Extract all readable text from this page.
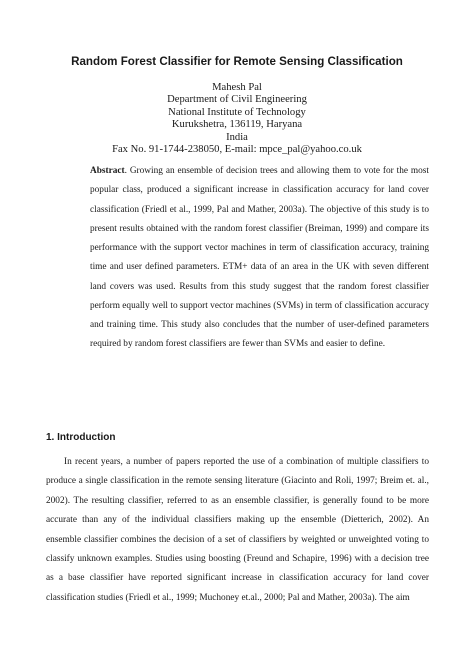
Random Forest Classifier for Remote Sensing Classification
Mahesh Pal
Department of Civil Engineering
National Institute of Technology
Kurukshetra, 136119, Haryana
India
Fax No. 91-1744-238050, E-mail: mpce_pal@yahoo.co.uk

Abstract. Growing an ensemble of decision trees and allowing them to vote for the most popular class, produced a significant increase in classification accuracy for land cover classification (Friedl et al., 1999, Pal and Mather, 2003a). The objective of this study is to present results obtained with the random forest classifier (Breiman, 1999) and compare its performance with the support vector machines in term of classification accuracy, training time and user defined parameters. ETM+ data of an area in the UK with seven different land covers was used. Results from this study suggest that the random forest classifier perform equally well to support vector machines (SVMs) in term of classification accuracy and training time. This study also concludes that the number of user-defined parameters required by random forest classifiers are fewer than SVMs and easier to define.

1. Introduction

In recent years, a number of papers reported the use of a combination of multiple classifiers to produce a single classification in the remote sensing literature (Giacinto and Roli, 1997; Breim et. al., 2002). The resulting classifier, referred to as an ensemble classifier, is generally found to be more accurate than any of the individual classifiers making up the ensemble (Dietterich, 2002). An ensemble classifier combines the decision of a set of classifiers by weighted or unweighted voting to classify unknown examples. Studies using boosting (Freund and Schapire, 1996) with a decision tree as a base classifier have reported significant increase in classification accuracy for land cover classification studies (Friedl et al., 1999; Muchoney et.al., 2000; Pal and Mather, 2003a). The aim
